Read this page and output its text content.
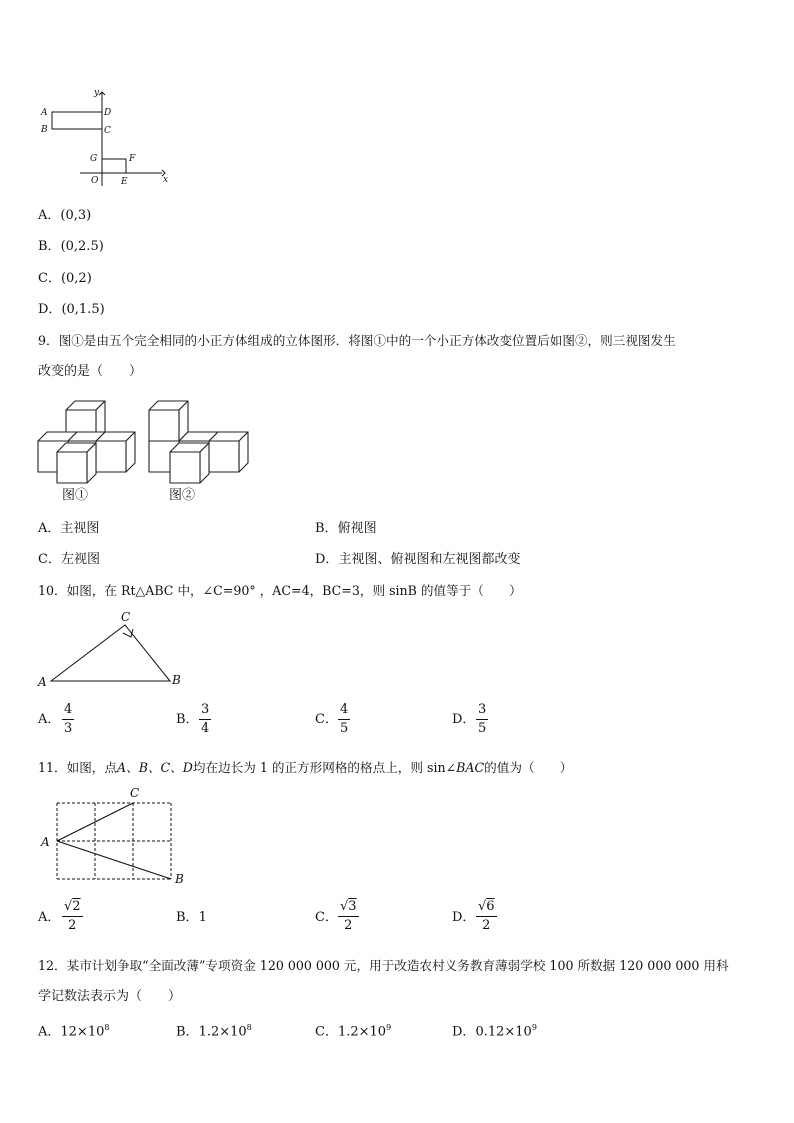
y
A
B
D
C
G	F
O	E	x
A．(0,3)
B．(0,2.5)
C．(0,2)
D．(0,1.5)
9．图①是由五个完全相同的小正方体组成的立体图形．将图①中的一个小正方体改变位置后如图②，则三视图发生
改变的是（　　）
图①	图②
A．主视图	B．俯视图
C．左视图	D．主视图、俯视图和左视图都改变
10．如图，在 Rt△ABC 中，∠C=90° ，AC=4，BC=3，则 sinB 的值等于（　　）
C
A	B
A． $\frac{4}{3}$	B． $\frac{3}{4}$	C． $\frac{4}{5}$	D． $\frac{3}{5}$
11．如图，点A、B、C、D均在边长为 1 的正方形网格的格点上，则 sin∠BAC的值为（　　）
C
A
B
A． $\frac{√2}{2}$	B．1	C． $\frac{√3}{2}$	D． $\frac{√6}{2}$
12．某市计划争取“全面改薄”专项资金 120 000 000 元，用于改造农村义务教育薄弱学校 100 所数据 120 000 000 用科
学记数法表示为（　　）
A．$12\times 10^8$	B．$1.2\times 10^8$	C．$1.2\times 10^9$	D．$0.12\times 10^9$
